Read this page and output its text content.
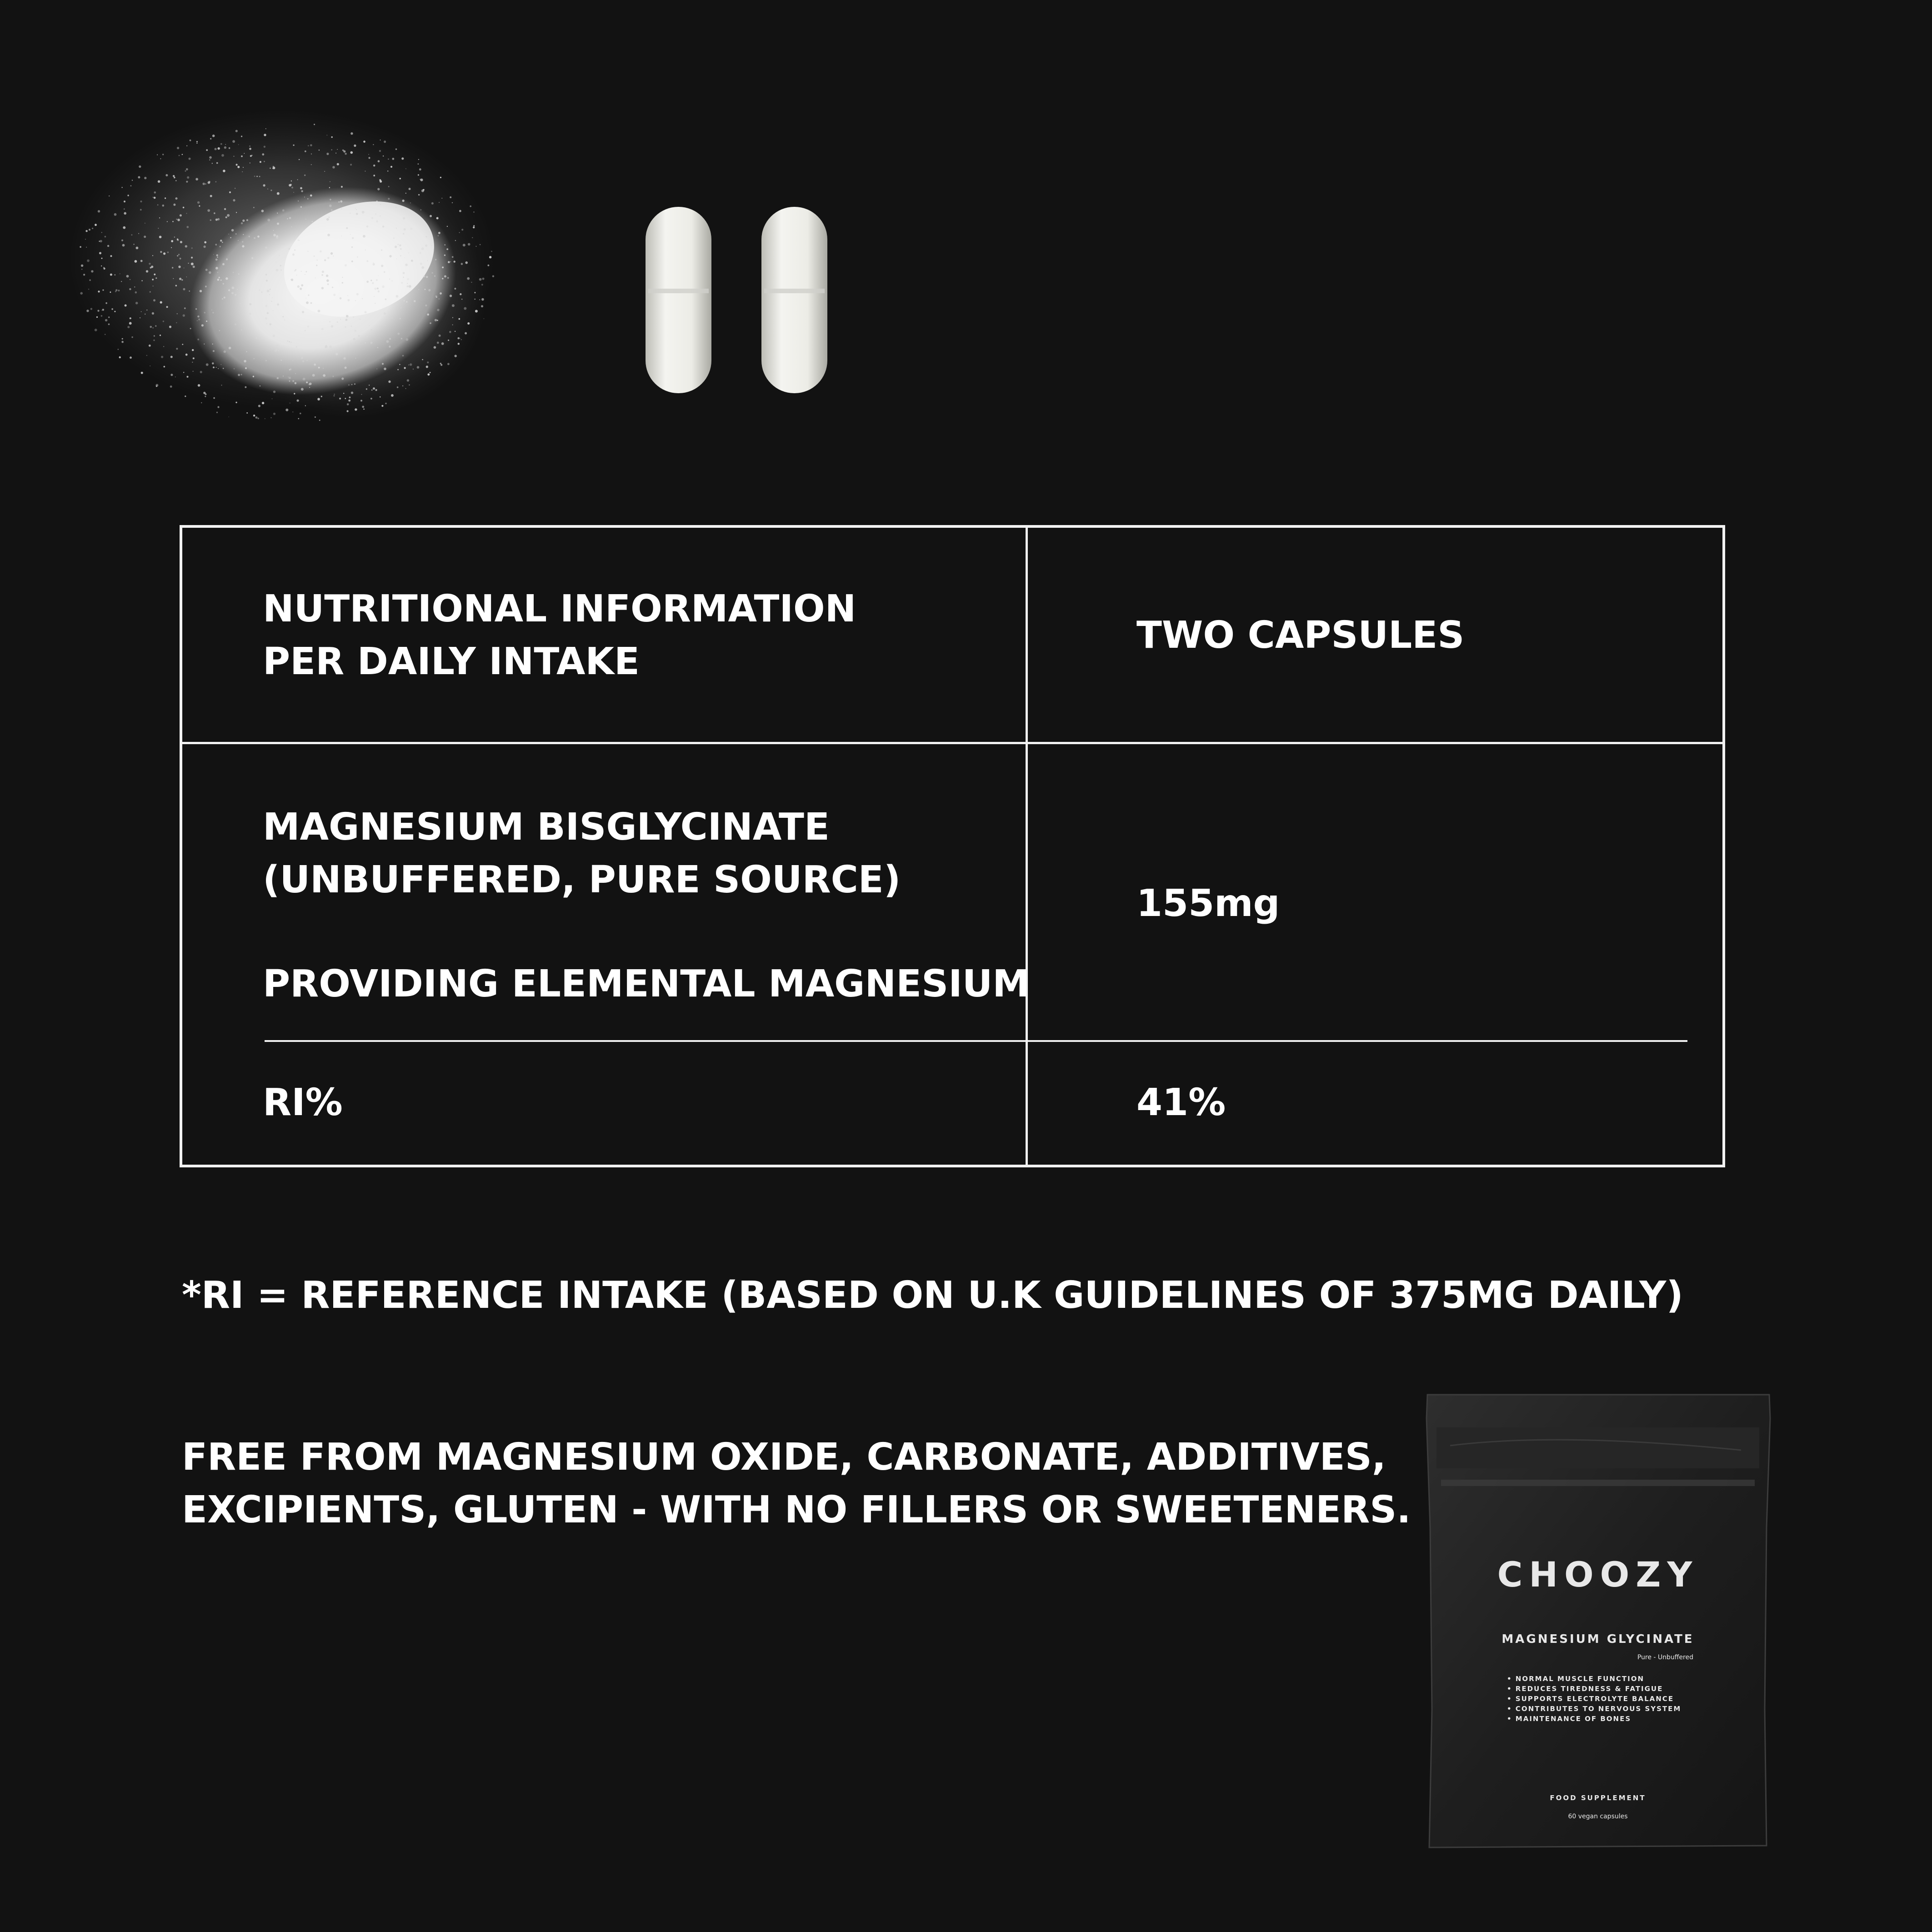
NUTRITIONAL INFORMATION
PER DAILY INTAKE
TWO CAPSULES
MAGNESIUM BISGLYCINATE
(UNBUFFERED, PURE SOURCE)
PROVIDING ELEMENTAL MAGNESIUM
155mg
RI%	41%
*RI = REFERENCE INTAKE (BASED ON U.K GUIDELINES OF 375MG DAILY)
FREE FROM MAGNESIUM OXIDE, CARBONATE, ADDITIVES,
EXCIPIENTS, GLUTEN - WITH NO FILLERS OR SWEETENERS.
CHOOZY
MAGNESIUM GLYCINATE
Pure - Unbuffered
• NORMAL MUSCLE FUNCTION
• REDUCES TIREDNESS & FATIGUE
• SUPPORTS ELECTROLYTE BALANCE
• CONTRIBUTES TO NERVOUS SYSTEM
• MAINTENANCE OF BONES
FOOD SUPPLEMENT
60 vegan capsules
